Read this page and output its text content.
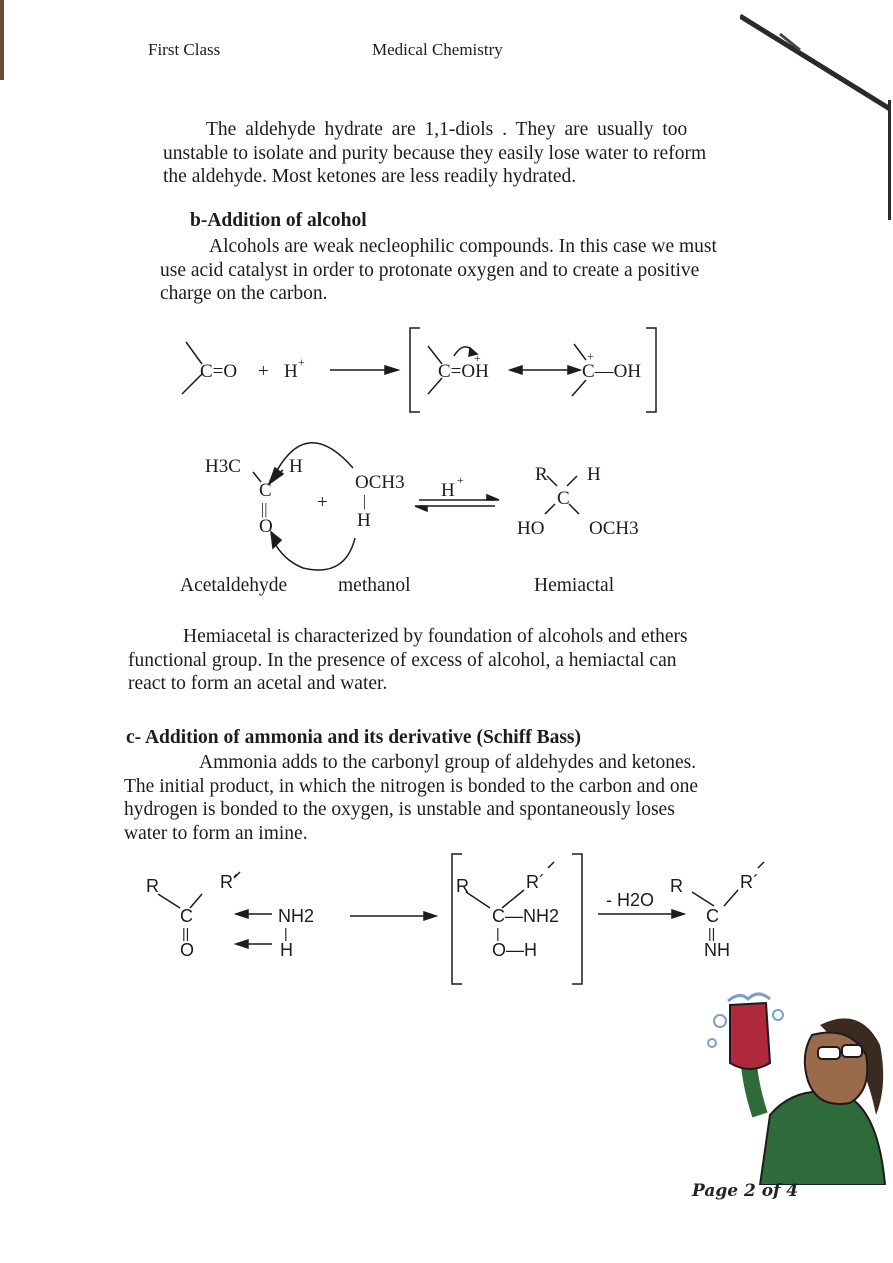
First Class	Medical Chemistry
The aldehyde hydrate are 1,1-diols . They are usually too
unstable to isolate and purity because they easily lose water to reform
the aldehyde. Most ketones are less readily hydrated.
b-Addition of alcohol
Alcohols are weak necleophilic compounds. In this case we must
use acid catalyst in order to protonate oxygen and to create a positive
charge on the carbon.
C=O + H +	C=OH
+
C—OH
+
H3C	H
C
||
O
+
OCH3
|
H
H +	R H
C
HO OCH3
Acetaldehyde	methanol	Hemiactal
Hemiacetal is characterized by foundation of alcohols and ethers
functional group. In the presence of excess of alcohol, a hemiactal can
react to form an acetal and water.
c- Addition of ammonia and its derivative (Schiff Bass)
Ammonia adds to the carbonyl group of aldehydes and ketones.
The initial product, in which the nitrogen is bonded to the carbon and one
hydrogen is bonded to the oxygen, is unstable and spontaneously loses
water to form an imine.
R	R´
C
||
O
NH2
|
H
R	R´
C—NH2
|
O—H
- H2O
R	R´
C
||
NH
Page 2 of 4
